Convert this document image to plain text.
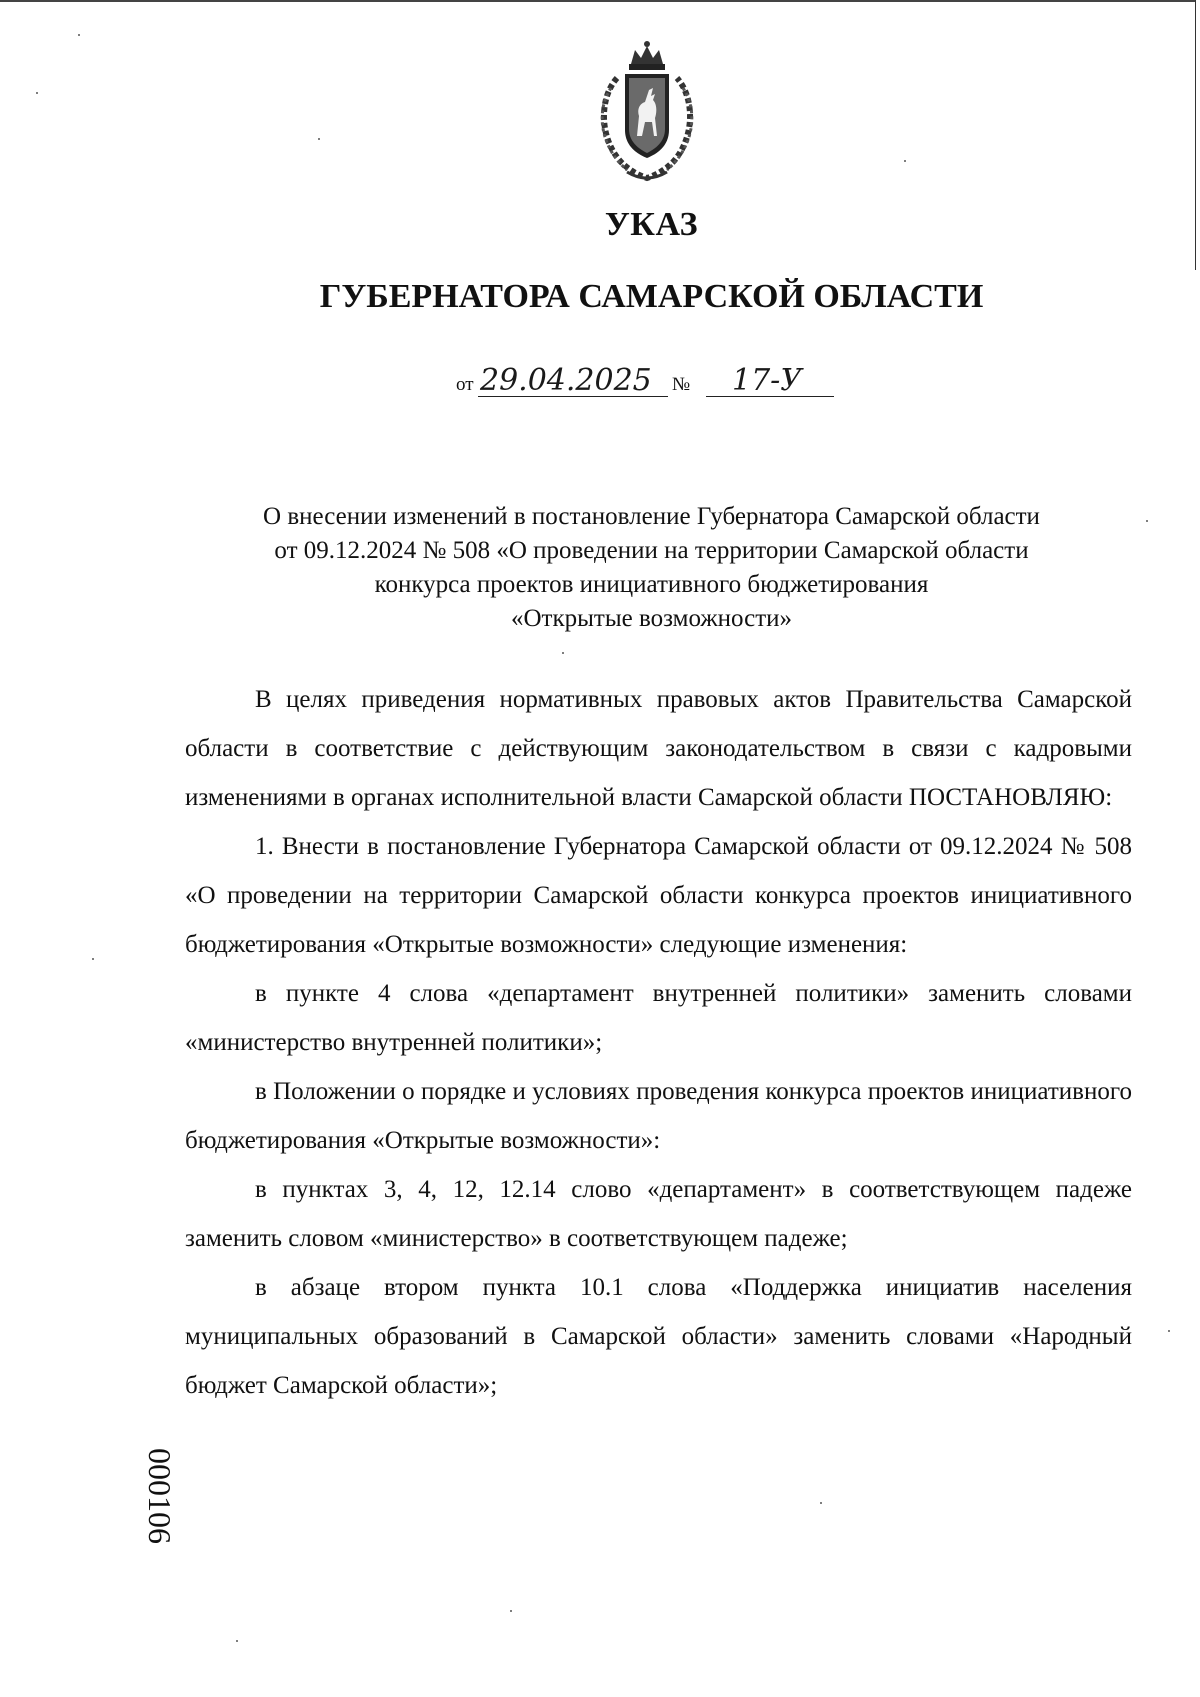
УКАЗ
ГУБЕРНАТОРА САМАРСКОЙ ОБЛАСТИ
от 29.04.2025 № 17-У
О внесении изменений в постановление Губернатора Самарской области
от 09.12.2024 № 508 «О проведении на территории Самарской области
конкурса проектов инициативного бюджетирования
«Открытые возможности»

В целях приведения нормативных правовых актов Правительства Самарской области в соответствие с действующим законодательством в связи с кадровыми изменениями в органах исполнительной власти Самарской области ПОСТАНОВЛЯЮ:

1. Внести в постановление Губернатора Самарской области от 09.12.2024 № 508 «О проведении на территории Самарской области конкурса проектов инициативного бюджетирования «Открытые возможности» следующие изменения:

в пункте 4 слова «департамент внутренней политики» заменить словами «министерство внутренней политики»;

в Положении о порядке и условиях проведения конкурса проектов инициативного бюджетирования «Открытые возможности»:

в пунктах 3, 4, 12, 12.14 слово «департамент» в соответствующем падеже заменить словом «министерство» в соответствующем падеже;

в абзаце втором пункта 10.1 слова «Поддержка инициатив населения муниципальных образований в Самарской области» заменить словами «Народный бюджет Самарской области»;

000106
